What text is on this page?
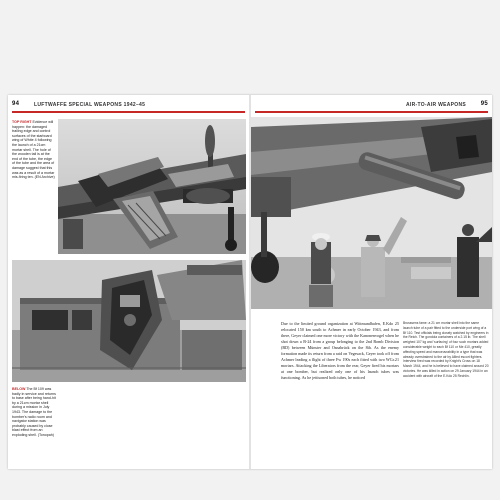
94	LUFTWAFFE SPECIAL WEAPONS 1942–45
TOP RIGHT Evidence will happen: the damaged trailing edge and control surfaces of the starboard wing of White 4 following the launch of a 21cm mortar shell. The hole of the wooden tail is at the end of the tube, the edge of the tube and the area of damage suggest that this was as a result of a mortar mis-firing ten. (EN Archive)
BELOW The Bf 109 was badly in service and returns to base after being hand-hit by a 21cm mortar shell during a mission in July 1943. The damage to the bomber's radio room and navigator station was probably caused by close blast effect from an exploding shell. (Tonopah)
AIR-TO-AIR WEAPONS 95
Due to the limited ground organization at Wittmundhafen, E.Kdo 25 relocated 150 km south to Achmer in early October 1943, and from there, Geyer claimed one more victory with the Kanonenvogel when he shot down a B-24 from a group belonging to the 2nd Bomb Division (BD) between Münster and Osnabrück on the 8th. As the enemy formation made its return from a raid on Vegesack, Geyer took off from Achmer leading a flight of three Fw 190s each fitted with two WGr.21 mortars. Attacking the Liberators from the rear, Geyer fired his mortars at one bomber, but realized only one of his launch tubes was functioning. As he jettisoned both tubes, he noticed
Brusssens fame: a 21 cm mortar shell into the same launch tube of a pair fitted to the underside port wing of a Bf 110. Test officials being closely watched by engineers in the Reich. The gondola containers of a 2.15 lb. The shell weighed 107 kg and 'surfacing' of four such mortars added considerable weight to each Bf 110 or Me 410, greatly affecting speed and manoeuvrability in a type that was already overstrained to the air by Allied escort fighters. Interview fired was recorded by Knight's Cross on 18 March 1944, and he is believed to have claimed around 20 victories. He was killed in action on 29 January 1944 in an accident with aircraft of the E.Kdo 25 Rechlin.
